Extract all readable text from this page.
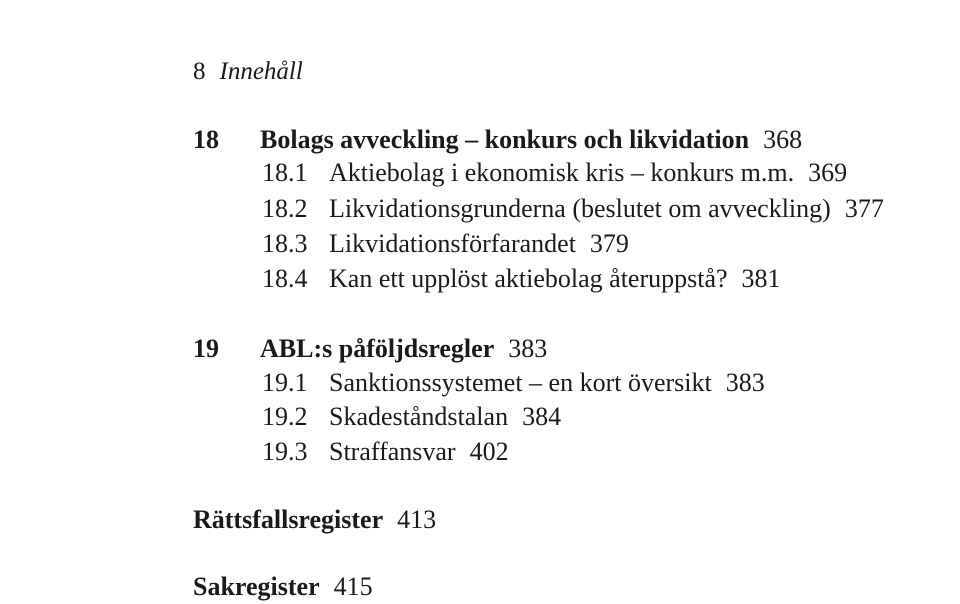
8 Innehåll
18 Bolags avveckling – konkurs och likvidation 368
18.1 Aktiebolag i ekonomisk kris – konkurs m.m. 369
18.2 Likvidationsgrunderna (beslutet om avveckling) 377
18.3 Likvidationsförfarandet 379
18.4 Kan ett upplöst aktiebolag återuppstå? 381
19 ABL:s påföljdsregler 383
19.1 Sanktionssystemet – en kort översikt 383
19.2 Skadeståndstalan 384
19.3 Straffansvar 402
Rättsfallsregister 413
Sakregister 415
